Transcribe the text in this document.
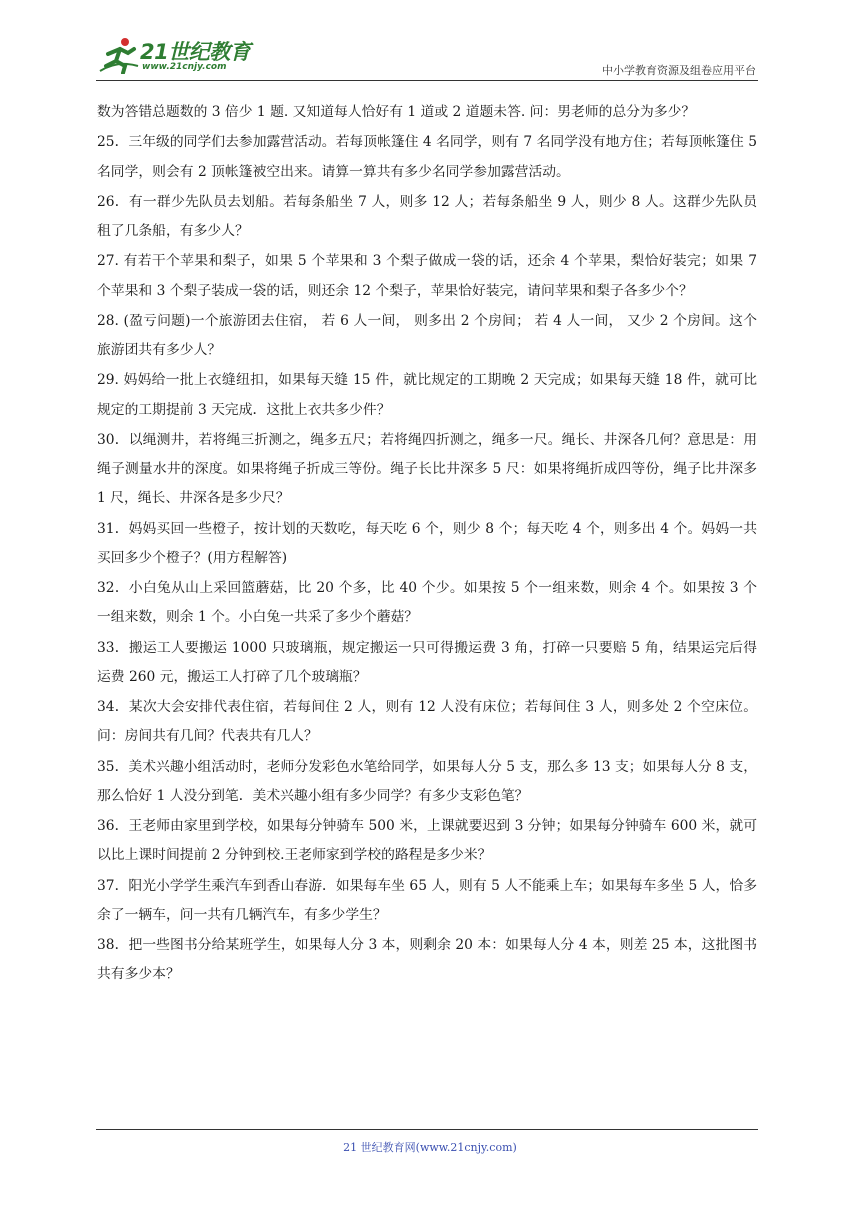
21世纪教育
www.21cnjy.com	中小学教育资源及组卷应用平台

数为答错总题数的 3 倍少 1 题. 又知道每人恰好有 1 道或 2 道题未答. 问：男老师的总分为多少？

25．三年级的同学们去参加露营活动。若每顶帐篷住 4 名同学，则有 7 名同学没有地方住；若每顶帐篷住 5 名同学，则会有 2 顶帐篷被空出来。请算一算共有多少名同学参加露营活动。

26．有一群少先队员去划船。若每条船坐 7 人，则多 12 人；若每条船坐 9 人，则少 8 人。这群少先队员租了几条船，有多少人？

27. 有若干个苹果和梨子，如果 5 个苹果和 3 个梨子做成一袋的话，还余 4 个苹果，梨恰好装完；如果 7 个苹果和 3 个梨子装成一袋的话，则还余 12 个梨子，苹果恰好装完，请问苹果和梨子各多少个？

28. (盈亏问题)一个旅游团去住宿， 若 6 人一间， 则多出 2 个房间； 若 4 人一间， 又少 2 个房间。这个旅游团共有多少人？

29. 妈妈给一批上衣缝纽扣，如果每天缝 15 件，就比规定的工期晚 2 天完成；如果每天缝 18 件，就可比规定的工期提前 3 天完成．这批上衣共多少件？

30．以绳测井，若将绳三折测之，绳多五尺；若将绳四折测之，绳多一尺。绳长、井深各几何？意思是：用绳子测量水井的深度。如果将绳子折成三等份。绳子长比井深多 5 尺：如果将绳折成四等份，绳子比井深多 1 尺，绳长、井深各是多少尺？

31．妈妈买回一些橙子，按计划的天数吃，每天吃 6 个，则少 8 个；每天吃 4 个，则多出 4 个。妈妈一共买回多少个橙子？(用方程解答)

32．小白兔从山上采回篮蘑菇，比 20 个多，比 40 个少。如果按 5 个一组来数，则余 4 个。如果按 3 个一组来数，则余 1 个。小白兔一共采了多少个蘑菇？

33．搬运工人要搬运 1000 只玻璃瓶，规定搬运一只可得搬运费 3 角，打碎一只要赔 5 角，结果运完后得运费 260 元，搬运工人打碎了几个玻璃瓶？

34．某次大会安排代表住宿，若每间住 2 人，则有 12 人没有床位；若每间住 3 人，则多处 2 个空床位。问：房间共有几间？代表共有几人？

35．美术兴趣小组活动时，老师分发彩色水笔给同学，如果每人分 5 支，那么多 13 支；如果每人分 8 支，那么恰好 1 人没分到笔．美术兴趣小组有多少同学？有多少支彩色笔？

36．王老师由家里到学校，如果每分钟骑车 500 米，上课就要迟到 3 分钟；如果每分钟骑车 600 米，就可以比上课时间提前 2 分钟到校.王老师家到学校的路程是多少米？

37．阳光小学学生乘汽车到香山春游．如果每车坐 65 人，则有 5 人不能乘上车；如果每车多坐 5 人，恰多余了一辆车，问一共有几辆汽车，有多少学生？

38．把一些图书分给某班学生，如果每人分 3 本，则剩余 20 本：如果每人分 4 本，则差 25 本，这批图书共有多少本？

21 世纪教育网(www.21cnjy.com)
